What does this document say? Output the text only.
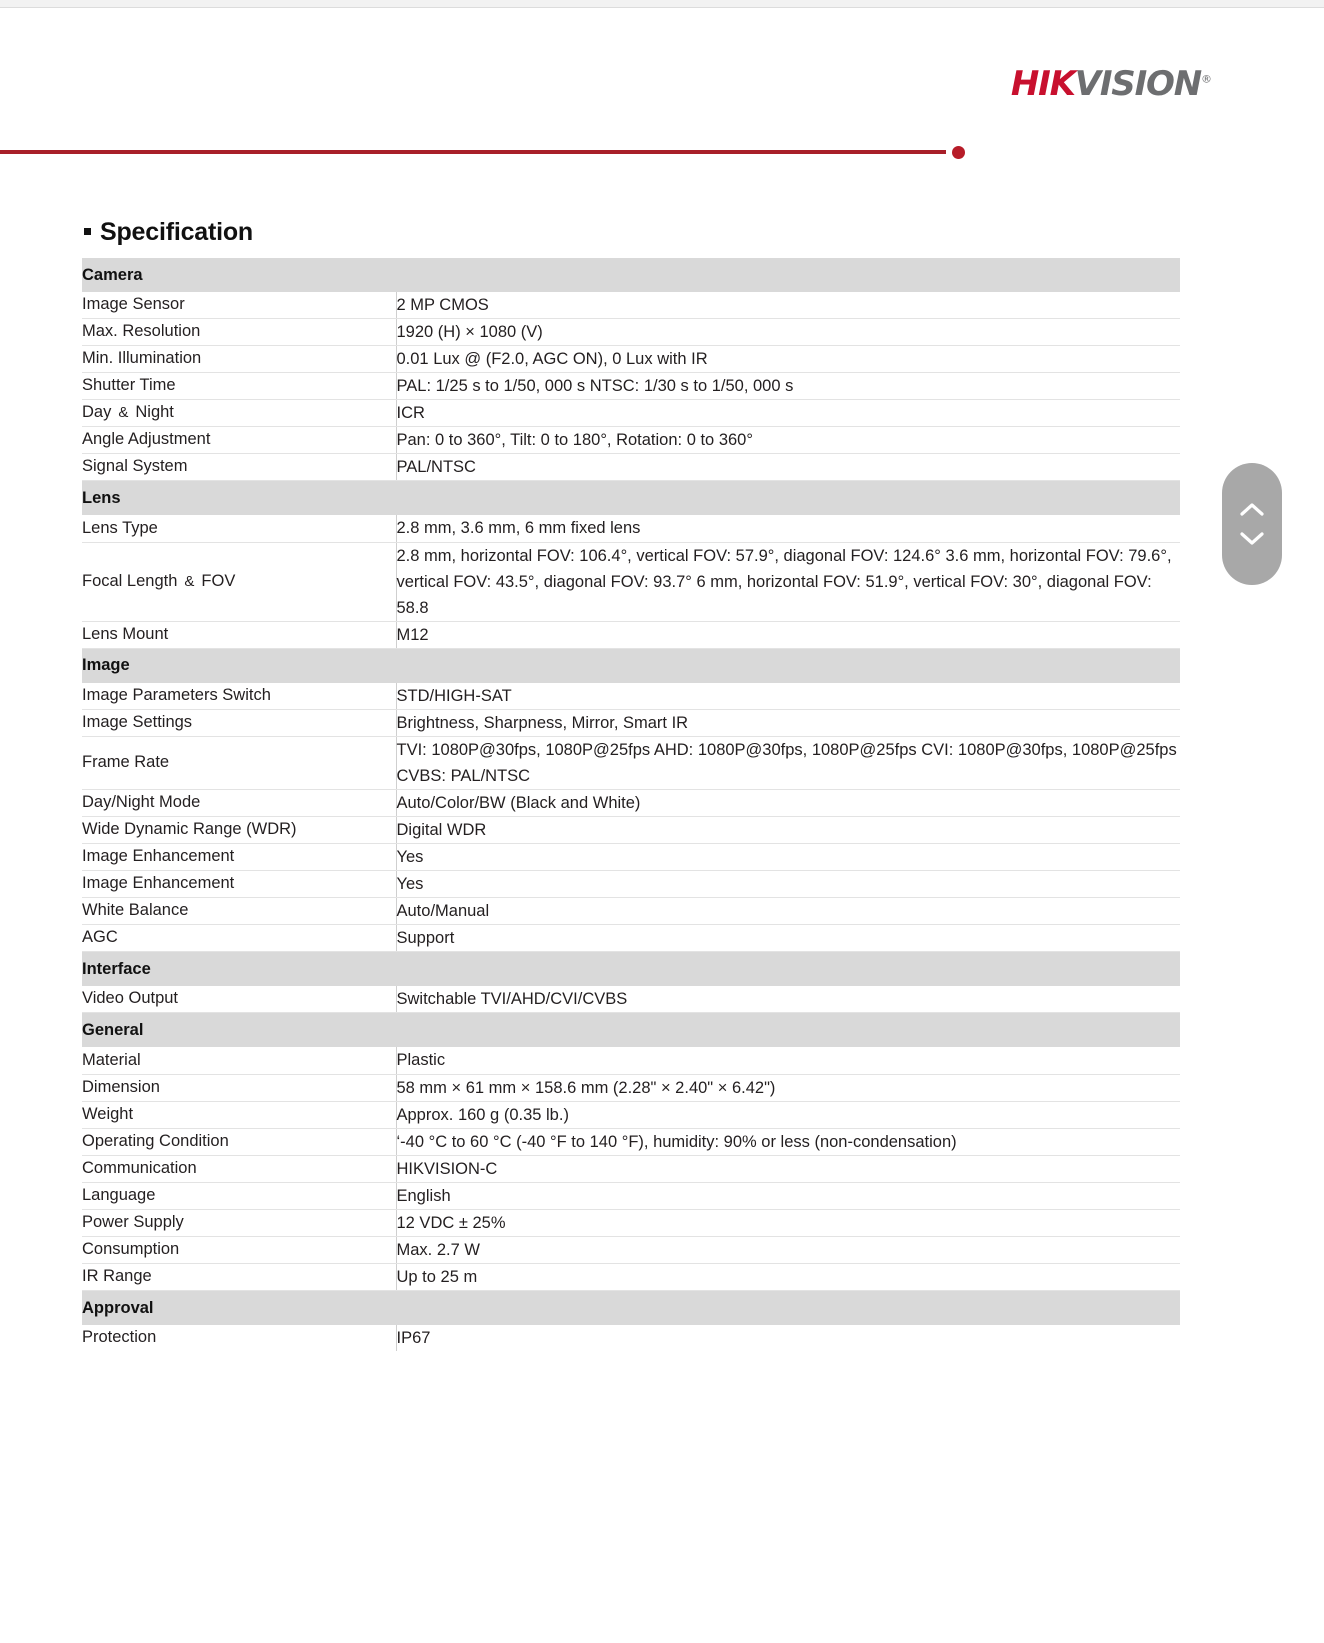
HIKVISION®
Specification
Camera	
Image Sensor	2 MP CMOS
Max. Resolution	1920 (H) × 1080 (V)
Min. Illumination	0.01 Lux @ (F2.0, AGC ON), 0 Lux with IR
Shutter Time	PAL: 1/25 s to 1/50, 000 s NTSC: 1/30 s to 1/50, 000 s
Day & Night	ICR
Angle Adjustment	Pan: 0 to 360°, Tilt: 0 to 180°, Rotation: 0 to 360°
Signal System	PAL/NTSC
Lens	
Lens Type	2.8 mm, 3.6 mm, 6 mm fixed lens
Focal Length & FOV	2.8 mm, horizontal FOV: 106.4°, vertical FOV: 57.9°, diagonal FOV: 124.6° 3.6 mm, horizontal FOV: 79.6°, vertical FOV: 43.5°, diagonal FOV: 93.7° 6 mm, horizontal FOV: 51.9°, vertical FOV: 30°, diagonal FOV: 58.8
Lens Mount	M12
Image	
Image Parameters Switch	STD/HIGH-SAT
Image Settings	Brightness, Sharpness, Mirror, Smart IR
Frame Rate	TVI: 1080P@30fps, 1080P@25fps AHD: 1080P@30fps, 1080P@25fps CVI: 1080P@30fps, 1080P@25fps CVBS: PAL/NTSC
Day/Night Mode	Auto/Color/BW (Black and White)
Wide Dynamic Range (WDR)	Digital WDR
Image Enhancement	Yes
Image Enhancement	Yes
White Balance	Auto/Manual
AGC	Support
Interface	
Video Output	Switchable TVI/AHD/CVI/CVBS
General	
Material	Plastic
Dimension	58 mm × 61 mm × 158.6 mm (2.28" × 2.40" × 6.42")
Weight	Approx. 160 g (0.35 lb.)
Operating Condition	‘-40 °C to 60 °C (-40 °F to 140 °F), humidity: 90% or less (non-condensation)
Communication	HIKVISION-C
Language	English
Power Supply	12 VDC ± 25%
Consumption	Max. 2.7 W
IR Range	Up to 25 m
Approval	
Protection	IP67
